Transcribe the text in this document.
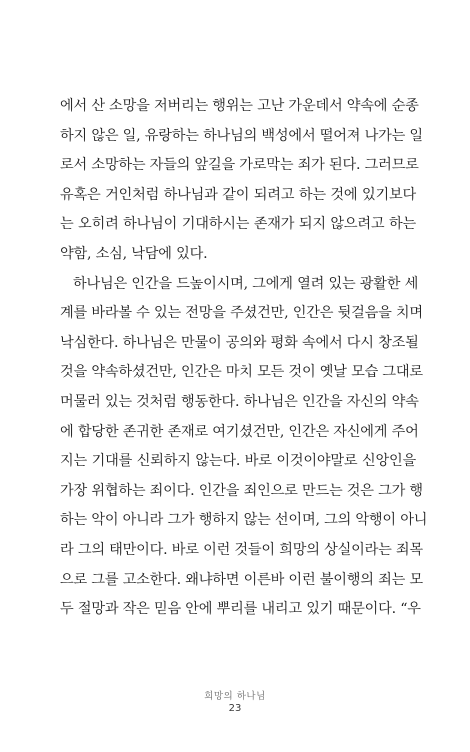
에서 산 소망을 저버리는 행위는 고난 가운데서 약속에 순종
하지 않은 일, 유랑하는 하나님의 백성에서 떨어져 나가는 일
로서 소망하는 자들의 앞길을 가로막는 죄가 된다. 그러므로
유혹은 거인처럼 하나님과 같이 되려고 하는 것에 있기보다
는 오히려 하나님이 기대하시는 존재가 되지 않으려고 하는
약함, 소심, 낙담에 있다.
하나님은 인간을 드높이시며, 그에게 열려 있는 광활한 세
계를 바라볼 수 있는 전망을 주셨건만, 인간은 뒷걸음을 치며
낙심한다. 하나님은 만물이 공의와 평화 속에서 다시 창조될
것을 약속하셨건만, 인간은 마치 모든 것이 옛날 모습 그대로
머물러 있는 것처럼 행동한다. 하나님은 인간을 자신의 약속
에 합당한 존귀한 존재로 여기셨건만, 인간은 자신에게 주어
지는 기대를 신뢰하지 않는다. 바로 이것이야말로 신앙인을
가장 위협하는 죄이다. 인간을 죄인으로 만드는 것은 그가 행
하는 악이 아니라 그가 행하지 않는 선이며, 그의 악행이 아니
라 그의 태만이다. 바로 이런 것들이 희망의 상실이라는 죄목
으로 그를 고소한다. 왜냐하면 이른바 이런 불이행의 죄는 모
두 절망과 작은 믿음 안에 뿌리를 내리고 있기 때문이다. “우
희망의 하나님
23
